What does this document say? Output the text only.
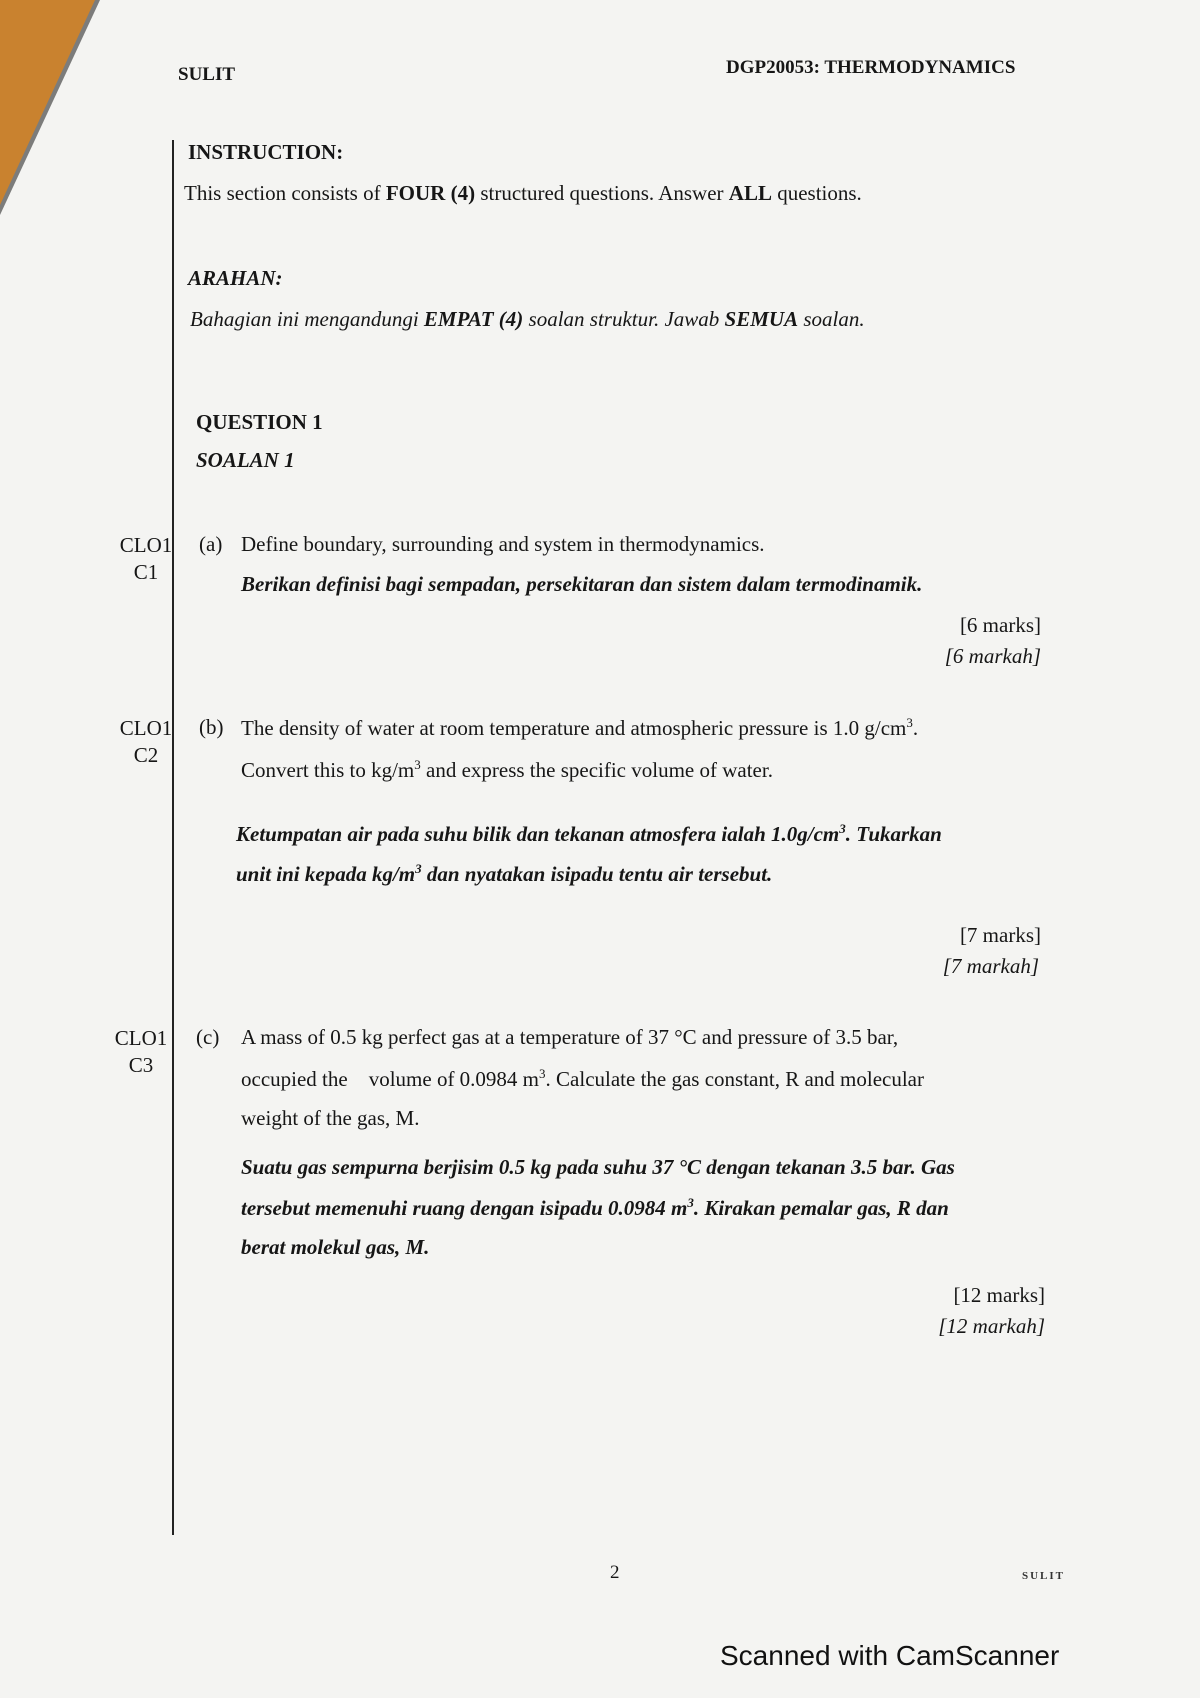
SULIT	DGP20053: THERMODYNAMICS
INSTRUCTION:
This section consists of FOUR (4) structured questions. Answer ALL questions.
ARAHAN:
Bahagian ini mengandungi EMPAT (4) soalan struktur. Jawab SEMUA soalan.
QUESTION 1
SOALAN 1
CLO1
C1
(a) Define boundary, surrounding and system in thermodynamics.
Berikan definisi bagi sempadan, persekitaran dan sistem dalam termodinamik.
[6 marks]
[6 markah]
CLO1
C2
(b) The density of water at room temperature and atmospheric pressure is 1.0 $g/cm^3$.
Convert this to $kg/m^3$ and express the specific volume of water.
Ketumpatan air pada suhu bilik dan tekanan atmosfera ialah $1.0g/cm^3$. Tukarkan
unit ini kepada $kg/m^3$ dan nyatakan isipadu tentu air tersebut.
[7 marks]
[7 markah]
CLO1
C3
(c) A mass of 0.5 kg perfect gas at a temperature of 37 °C and pressure of 3.5 bar,
occupied the    volume of 0.0984 $m^3$. Calculate the gas constant, R and molecular
weight of the gas, M.
Suatu gas sempurna berjisim 0.5 kg pada suhu 37 °C dengan tekanan 3.5 bar. Gas
tersebut memenuhi ruang dengan isipadu 0.0984 $m^3$. Kirakan pemalar gas, R dan
berat molekul gas, M.
[12 marks]
[12 markah]
2	SULIT
Scanned with CamScanner
